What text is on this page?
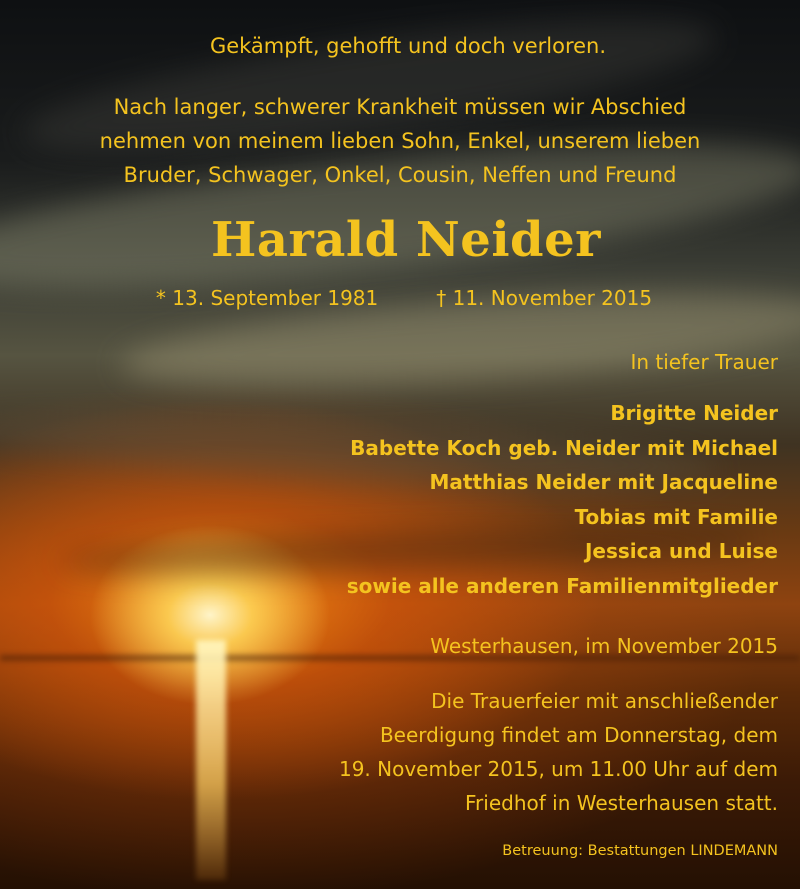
Gekämpft, gehofft und doch verloren.
Nach langer, schwerer Krankheit müssen wir Abschied
nehmen von meinem lieben Sohn, Enkel, unserem lieben
Bruder, Schwager, Onkel, Cousin, Neffen und Freund
Harald Neider
* 13. September 1981	† 11. November 2015
In tiefer Trauer
Brigitte Neider
Babette Koch geb. Neider mit Michael
Matthias Neider mit Jacqueline
Tobias mit Familie
Jessica und Luise
sowie alle anderen Familienmitglieder
Westerhausen, im November 2015
Die Trauerfeier mit anschließender
Beerdigung findet am Donnerstag, dem
19. November 2015, um 11.00 Uhr auf dem
Friedhof in Westerhausen statt.
Betreuung: Bestattungen LINDEMANN
